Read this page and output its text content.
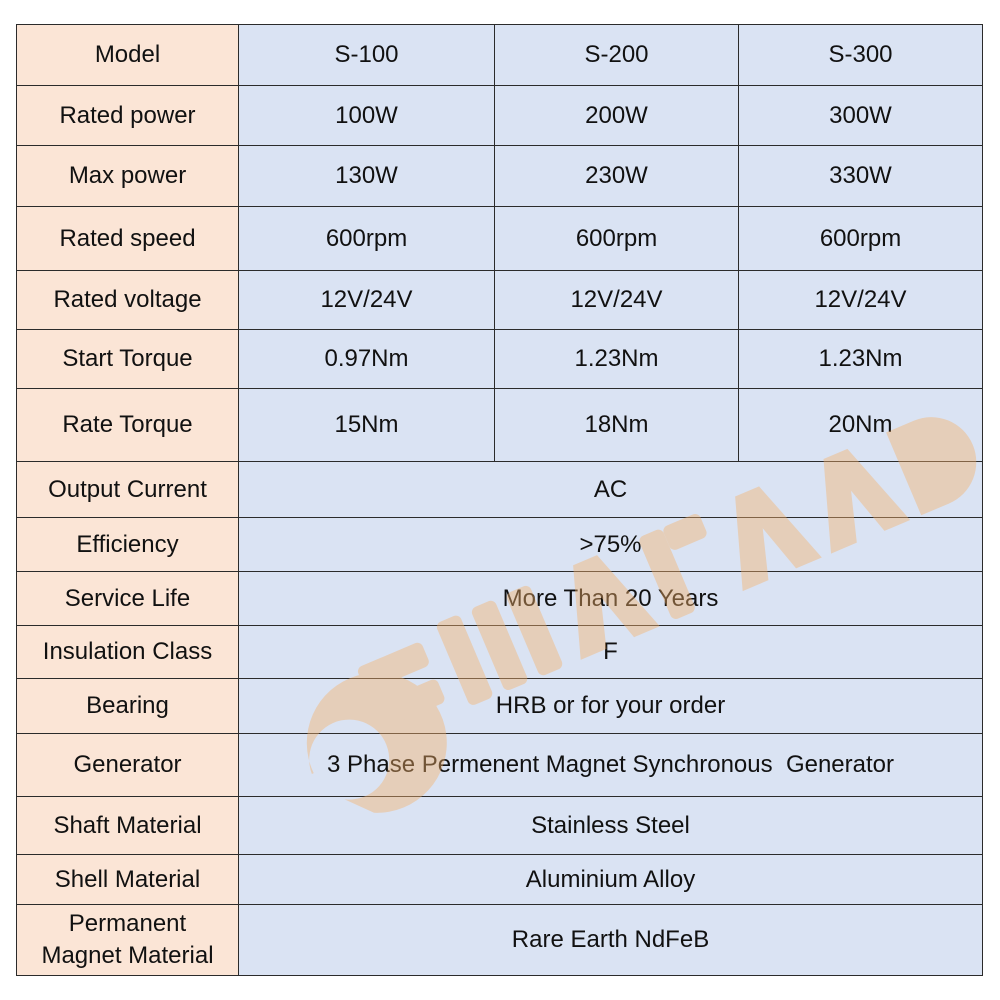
Model	S-100	S-200	S-300
Rated power	100W	200W	300W
Max power	130W	230W	330W
Rated speed	600rpm	600rpm	600rpm
Rated voltage	12V/24V	12V/24V	12V/24V
Start Torque	0.97Nm	1.23Nm	1.23Nm
Rate Torque	15Nm	18Nm	20Nm
Output Current	AC		
Efficiency	>75%		
Service Life	More Than 20 Years		
Insulation Class	F		
Bearing	HRB or for your order		
Generator	3 Phase Permenent Magnet Synchronous  Generator		
Shaft Material	Stainless Steel		
Shell Material	Aluminium Alloy		
Permanent
Magnet Material	Rare Earth NdFeB		
